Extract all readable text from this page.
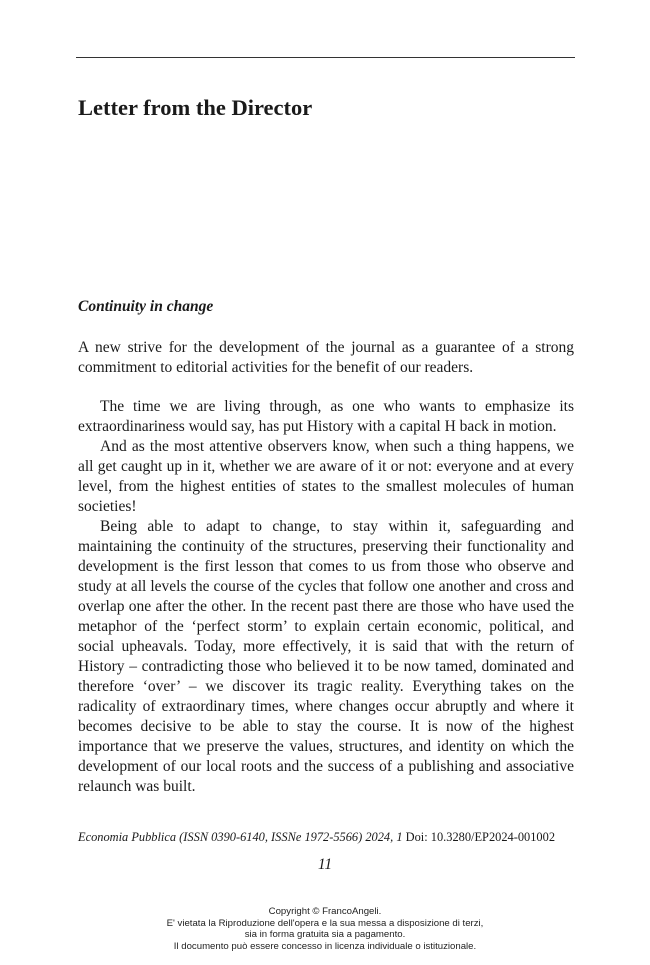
Letter from the Director
Continuity in change

A new strive for the development of the journal as a guarantee of a strong commitment to editorial activities for the benefit of our readers.

The time we are living through, as one who wants to emphasize its extraordinariness would say, has put History with a capital H back in motion.

And as the most attentive observers know, when such a thing happens, we all get caught up in it, whether we are aware of it or not: everyone and at every level, from the highest entities of states to the smallest molecules of human societies!

Being able to adapt to change, to stay within it, safeguarding and maintaining the continuity of the structures, preserving their functionality and development is the first lesson that comes to us from those who observe and study at all levels the course of the cycles that follow one another and cross and overlap one after the other. In the recent past there are those who have used the metaphor of the ‘perfect storm’ to explain certain economic, political, and social upheavals. Today, more effectively, it is said that with the return of History – contradicting those who believed it to be now tamed, dominated and therefore ‘over’ – we discover its tragic reality. Everything takes on the radicality of extraordinary times, where changes occur abruptly and where it becomes decisive to be able to stay the course. It is now of the highest importance that we preserve the values, structures, and identity on which the development of our local roots and the success of a publishing and associative relaunch was built.

Economia Pubblica (ISSN 0390-6140, ISSNe 1972-5566) 2024, 1 Doi: 10.3280/EP2024-001002

11

Copyright © FrancoAngeli.
E' vietata la Riproduzione dell'opera e la sua messa a disposizione di terzi,
sia in forma gratuita sia a pagamento.
Il documento può essere concesso in licenza individuale o istituzionale.
